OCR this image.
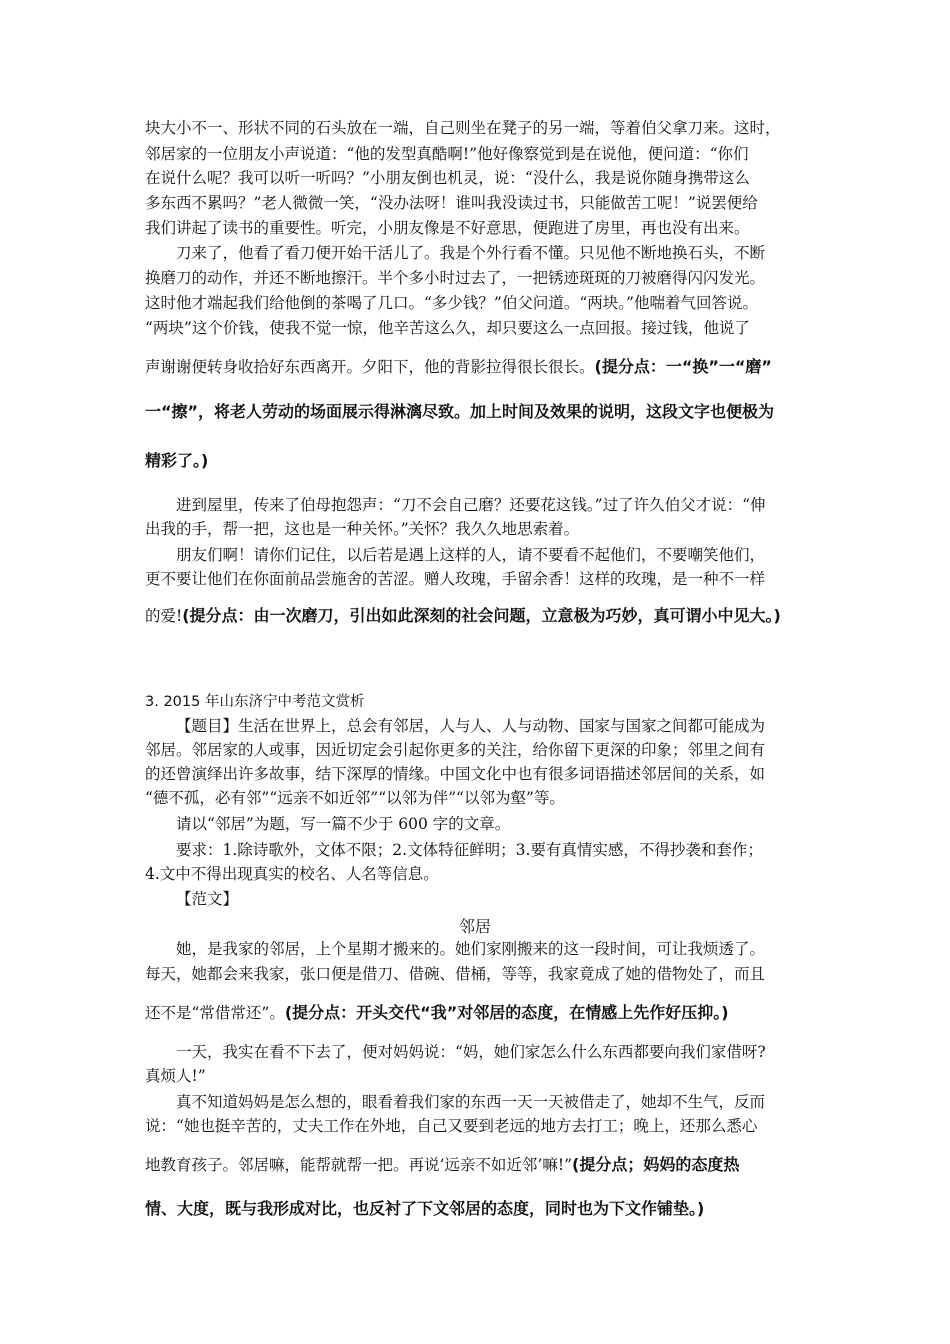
块大小不一、形状不同的石头放在一端，自己则坐在凳子的另一端，等着伯父拿刀来。这时，
邻居家的一位朋友小声说道：“他的发型真酷啊!”他好像察觉到是在说他，便问道：“你们
在说什么呢？我可以听一听吗？”小朋友倒也机灵，说：“没什么，我是说你随身携带这么
多东西不累吗？”老人微微一笑，“没办法呀！谁叫我没读过书，只能做苦工呢！”说罢便给
我们讲起了读书的重要性。听完，小朋友像是不好意思，便跑进了房里，再也没有出来。
刀来了，他看了看刀便开始干活儿了。我是个外行看不懂。只见他不断地换石头，不断
换磨刀的动作，并还不断地擦汗。半个多小时过去了，一把锈迹斑斑的刀被磨得闪闪发光。
这时他才端起我们给他倒的茶喝了几口。“多少钱？”伯父问道。“两块。”他喘着气回答说。
“两块”这个价钱，使我不觉一惊，他辛苦这么久，却只要这么一点回报。接过钱，他说了
声谢谢便转身收拾好东西离开。夕阳下，他的背影拉得很长很长。(提分点：一“换”一“磨”
一“擦”，将老人劳动的场面展示得淋漓尽致。加上时间及效果的说明，这段文字也便极为
精彩了。)
进到屋里，传来了伯母抱怨声：“刀不会自己磨？还要花这钱。”过了许久伯父才说：“伸
出我的手，帮一把，这也是一种关怀。”关怀？我久久地思索着。
朋友们啊！请你们记住，以后若是遇上这样的人，请不要看不起他们，不要嘲笑他们，
更不要让他们在你面前品尝施舍的苦涩。赠人玫瑰，手留余香！这样的玫瑰，是一种不一样
的爱!(提分点：由一次磨刀，引出如此深刻的社会问题，立意极为巧妙，真可谓小中见大。)
3. 2015 年山东济宁中考范文赏析
【题目】生活在世界上，总会有邻居，人与人、人与动物、国家与国家之间都可能成为
邻居。邻居家的人或事，因近切定会引起你更多的关注，给你留下更深的印象；邻里之间有
的还曾演绎出许多故事，结下深厚的情缘。中国文化中也有很多词语描述邻居间的关系，如
“德不孤，必有邻”“远亲不如近邻”“以邻为伴”“以邻为壑”等。
请以“邻居”为题，写一篇不少于 600 字的文章。
要求：1.除诗歌外，文体不限；2.文体特征鲜明；3.要有真情实感，不得抄袭和套作；
4.文中不得出现真实的校名、人名等信息。
【范文】
邻居
她，是我家的邻居，上个星期才搬来的。她们家刚搬来的这一段时间，可让我烦透了。
每天，她都会来我家，张口便是借刀、借碗、借桶，等等，我家竟成了她的借物处了，而且
还不是“常借常还”。(提分点：开头交代“我”对邻居的态度，在情感上先作好压抑。)
一天，我实在看不下去了，便对妈妈说：“妈，她们家怎么什么东西都要向我们家借呀?
真烦人!”
真不知道妈妈是怎么想的，眼看着我们家的东西一天一天被借走了，她却不生气，反而
说：“她也挺辛苦的，丈夫工作在外地，自己又要到老远的地方去打工；晚上，还那么悉心
地教育孩子。邻居嘛，能帮就帮一把。再说‘远亲不如近邻’嘛!”(提分点；妈妈的态度热
情、大度，既与我形成对比，也反衬了下文邻居的态度，同时也为下文作铺垫。)
